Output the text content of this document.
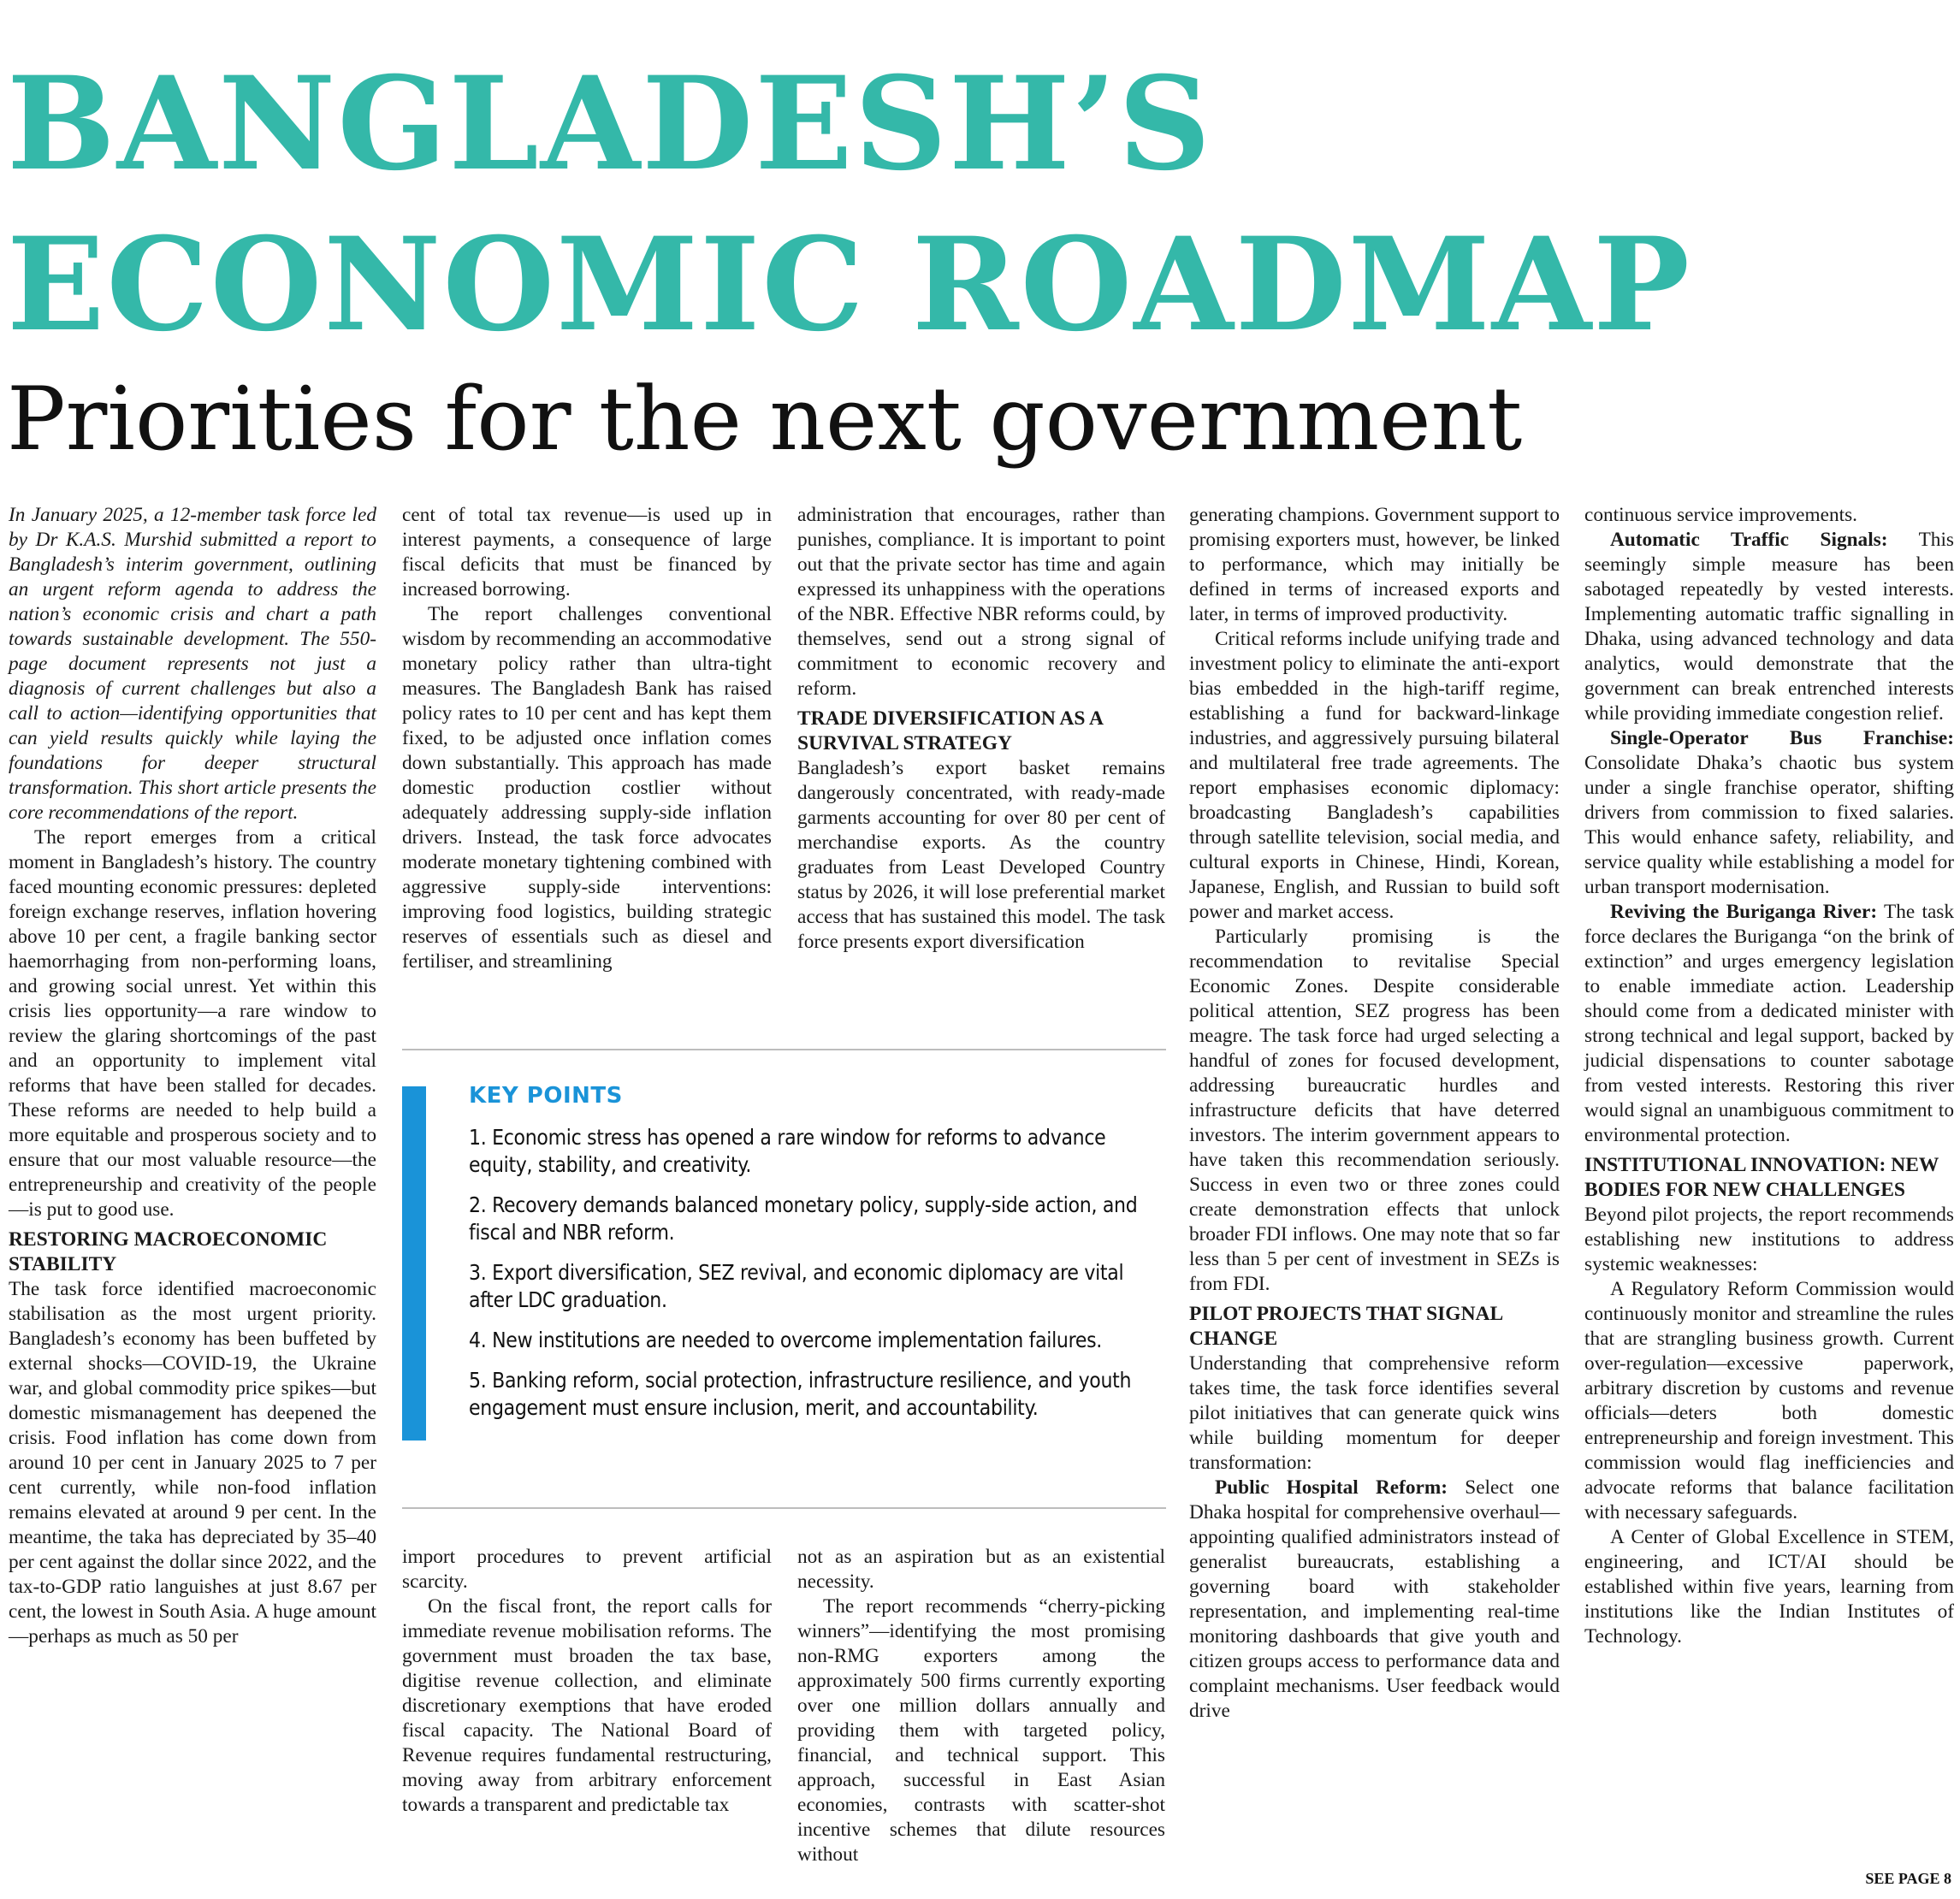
BANGLADESH’S
ECONOMIC ROADMAP
Priorities for the next government

In January 2025, a 12-member task force led by Dr K.A.S. Murshid submitted a report to Bangladesh’s interim government, outlining an urgent reform agenda to address the nation’s economic crisis and chart a path towards sustainable development. The 550-page document represents not just a diagnosis of current challenges but also a call to action—identifying opportunities that can yield results quickly while laying the foundations for deeper structural transformation. This short article presents the core recommendations of the report.

The report emerges from a critical moment in Bangladesh’s history. The country faced mounting economic pressures: depleted foreign exchange reserves, inflation hovering above 10 per cent, a fragile banking sector haemorrhaging from non-performing loans, and growing social unrest. Yet within this crisis lies opportunity—a rare window to review the glaring shortcomings of the past and an opportunity to implement vital reforms that have been stalled for decades. These reforms are needed to help build a more equitable and prosperous society and to ensure that our most valuable resource—the entrepreneurship and creativity of the people—is put to good use.

RESTORING MACROECONOMIC STABILITY

The task force identified macroeconomic stabilisation as the most urgent priority. Bangladesh’s economy has been buffeted by external shocks—COVID-19, the Ukraine war, and global commodity price spikes—but domestic mismanagement has deepened the crisis. Food inflation has come down from around 10 per cent in January 2025 to 7 per cent currently, while non-food inflation remains elevated at around 9 per cent. In the meantime, the taka has depreciated by 35–40 per cent against the dollar since 2022, and the tax-to-GDP ratio languishes at just 8.67 per cent, the lowest in South Asia. A huge amount—perhaps as much as 50 per

cent of total tax revenue—is used up in interest payments, a consequence of large fiscal deficits that must be financed by increased borrowing.

The report challenges conventional wisdom by recommending an accommodative monetary policy rather than ultra-tight measures. The Bangladesh Bank has raised policy rates to 10 per cent and has kept them fixed, to be adjusted once inflation comes down substantially. This approach has made domestic production costlier without adequately addressing supply-side inflation drivers. Instead, the task force advocates moderate monetary tightening combined with aggressive supply-side interventions: improving food logistics, building strategic reserves of essentials such as diesel and fertiliser, and streamlining

administration that encourages, rather than punishes, compliance. It is important to point out that the private sector has time and again expressed its unhappiness with the operations of the NBR. Effective NBR reforms could, by themselves, send out a strong signal of commitment to economic recovery and reform.

TRADE DIVERSIFICATION AS A SURVIVAL STRATEGY

Bangladesh’s export basket remains dangerously concentrated, with ready-made garments accounting for over 80 per cent of merchandise exports. As the country graduates from Least Developed Country status by 2026, it will lose preferential market access that has sustained this model. The task force presents export diversification

KEY POINTS
1. Economic stress has opened a rare window for reforms to advance equity, stability, and creativity.
2. Recovery demands balanced monetary policy, supply-side action, and fiscal and NBR reform.
3. Export diversification, SEZ revival, and economic diplomacy are vital after LDC graduation.
4. New institutions are needed to overcome implementation failures.
5. Banking reform, social protection, infrastructure resilience, and youth engagement must ensure inclusion, merit, and accountability.

import procedures to prevent artificial scarcity.

On the fiscal front, the report calls for immediate revenue mobilisation reforms. The government must broaden the tax base, digitise revenue collection, and eliminate discretionary exemptions that have eroded fiscal capacity. The National Board of Revenue requires fundamental restructuring, moving away from arbitrary enforcement towards a transparent and predictable tax

not as an aspiration but as an existential necessity.

The report recommends “cherry-picking winners”—identifying the most promising non-RMG exporters among the approximately 500 firms currently exporting over one million dollars annually and providing them with targeted policy, financial, and technical support. This approach, successful in East Asian economies, contrasts with scatter-shot incentive schemes that dilute resources without

generating champions. Government support to promising exporters must, however, be linked to performance, which may initially be defined in terms of increased exports and later, in terms of improved productivity.

Critical reforms include unifying trade and investment policy to eliminate the anti-export bias embedded in the high-tariff regime, establishing a fund for backward-linkage industries, and aggressively pursuing bilateral and multilateral free trade agreements. The report emphasises economic diplomacy: broadcasting Bangladesh’s capabilities through satellite television, social media, and cultural exports in Chinese, Hindi, Korean, Japanese, English, and Russian to build soft power and market access.

Particularly promising is the recommendation to revitalise Special Economic Zones. Despite considerable political attention, SEZ progress has been meagre. The task force had urged selecting a handful of zones for focused development, addressing bureaucratic hurdles and infrastructure deficits that have deterred investors. The interim government appears to have taken this recommendation seriously. Success in even two or three zones could create demonstration effects that unlock broader FDI inflows. One may note that so far less than 5 per cent of investment in SEZs is from FDI.

PILOT PROJECTS THAT SIGNAL CHANGE

Understanding that comprehensive reform takes time, the task force identifies several pilot initiatives that can generate quick wins while building momentum for deeper transformation:

Public Hospital Reform: Select one Dhaka hospital for comprehensive overhaul—appointing qualified administrators instead of generalist bureaucrats, establishing a governing board with stakeholder representation, and implementing real-time monitoring dashboards that give youth and citizen groups access to performance data and complaint mechanisms. User feedback would drive

continuous service improvements.

Automatic Traffic Signals: This seemingly simple measure has been sabotaged repeatedly by vested interests. Implementing automatic traffic signalling in Dhaka, using advanced technology and data analytics, would demonstrate that the government can break entrenched interests while providing immediate congestion relief.

Single-Operator Bus Franchise: Consolidate Dhaka’s chaotic bus system under a single franchise operator, shifting drivers from commission to fixed salaries. This would enhance safety, reliability, and service quality while establishing a model for urban transport modernisation.

Reviving the Buriganga River: The task force declares the Buriganga “on the brink of extinction” and urges emergency legislation to enable immediate action. Leadership should come from a dedicated minister with strong technical and legal support, backed by judicial dispensations to counter sabotage from vested interests. Restoring this river would signal an unambiguous commitment to environmental protection.

INSTITUTIONAL INNOVATION: NEW BODIES FOR NEW CHALLENGES

Beyond pilot projects, the report recommends establishing new institutions to address systemic weaknesses:

A Regulatory Reform Commission would continuously monitor and streamline the rules that are strangling business growth. Current over-regulation—excessive paperwork, arbitrary discretion by customs and revenue officials—deters both domestic entrepreneurship and foreign investment. This commission would flag inefficiencies and advocate reforms that balance facilitation with necessary safeguards.

A Center of Global Excellence in STEM, engineering, and ICT/AI should be established within five years, learning from institutions like the Indian Institutes of Technology.

SEE PAGE 8
